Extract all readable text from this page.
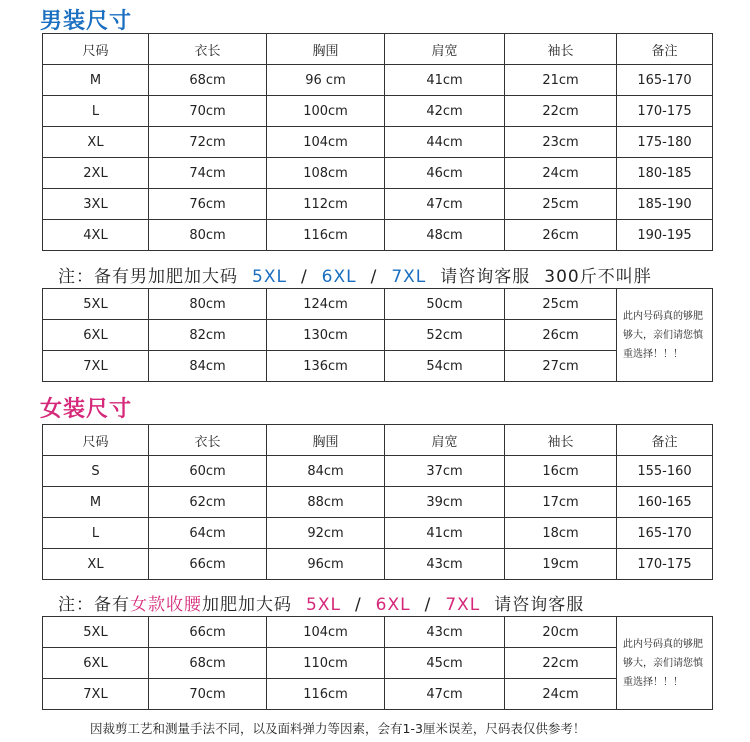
男装尺寸
尺码	衣长	胸围	肩宽	袖长	备注
M	68cm	96 cm	41cm	21cm	165-170
L	70cm	100cm	42cm	22cm	170-175
XL	72cm	104cm	44cm	23cm	175-180
2XL	74cm	108cm	46cm	24cm	180-185
3XL	76cm	112cm	47cm	25cm	185-190
4XL	80cm	116cm	48cm	26cm	190-195
注：备有男加肥加大码 5XL / 6XL / 7XL 请咨询客服 300斤不叫胖
5XL	80cm	124cm	50cm	25cm	此内号码真的够肥够大，亲们请您慎重选择！！！
6XL	82cm	130cm	52cm	26cm	
7XL	84cm	136cm	54cm	27cm	
女装尺寸
尺码	衣长	胸围	肩宽	袖长	备注
S	60cm	84cm	37cm	16cm	155-160
M	62cm	88cm	39cm	17cm	160-165
L	64cm	92cm	41cm	18cm	165-170
XL	66cm	96cm	43cm	19cm	170-175
注：备有女款收腰加肥加大码 5XL / 6XL / 7XL 请咨询客服
5XL	66cm	104cm	43cm	20cm	此内号码真的够肥够大，亲们请您慎重选择！！！
6XL	68cm	110cm	45cm	22cm	
7XL	70cm	116cm	47cm	24cm	
因裁剪工艺和测量手法不同，以及面料弹力等因素，会有1-3厘米误差，尺码表仅供参考！
